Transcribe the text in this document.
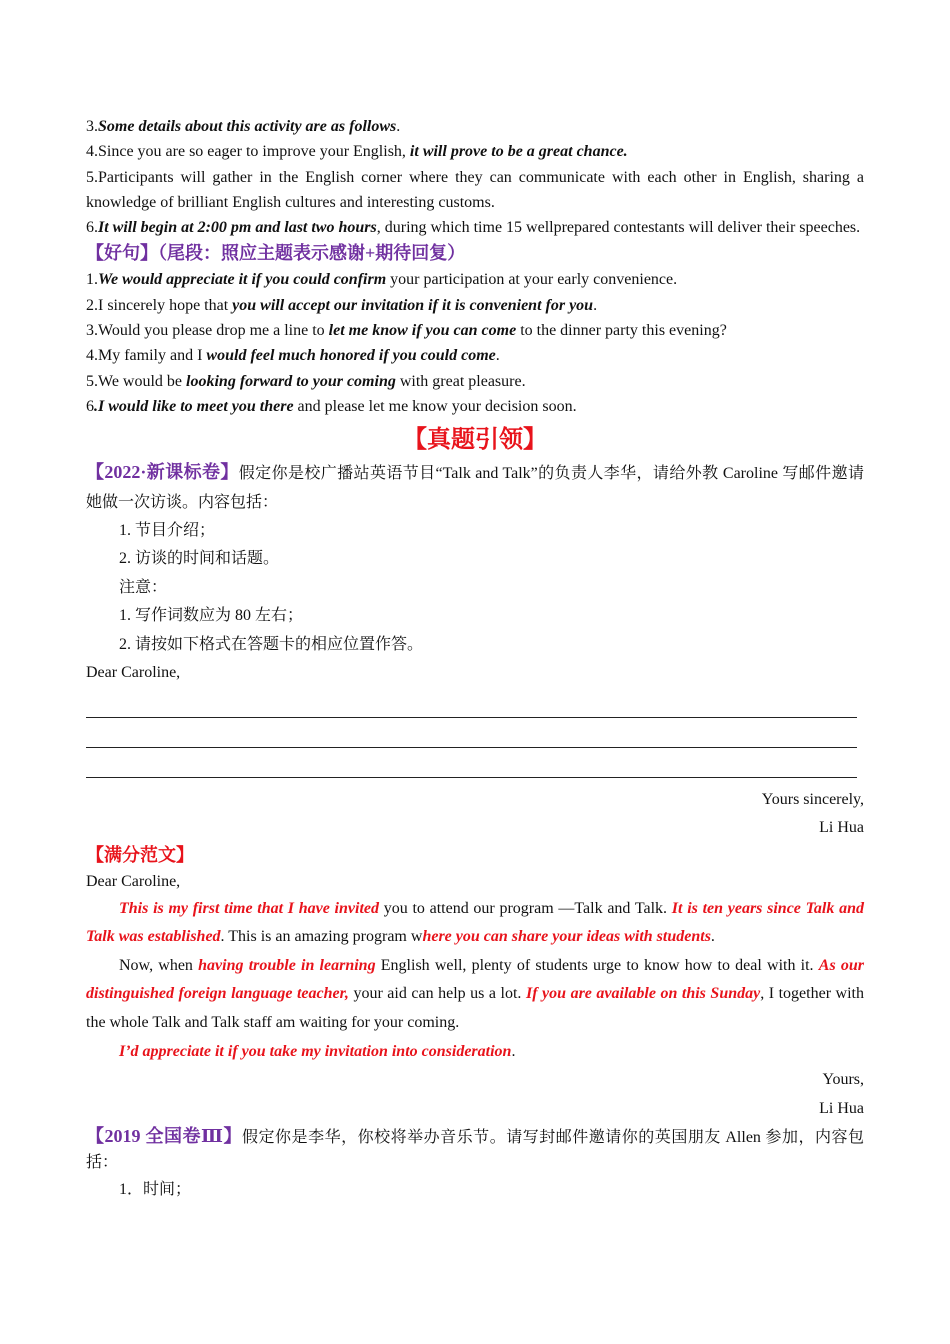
3.Some details about this activity are as follows.

4.Since you are so eager to improve your English, it will prove to be a great chance.

5.Participants will gather in the English corner where they can communicate with each other in English, sharing a knowledge of brilliant English cultures and interesting customs.

6.It will begin at 2:00 pm and last two hours, during which time 15 wellprepared contestants will deliver their speeches.

【好句】（尾段：照应主题表示感谢+期待回复）

1.We would appreciate it if you could confirm your participation at your early convenience.

2.I sincerely hope that you will accept our invitation if it is convenient for you.

3.Would you please drop me a line to let me know if you can come to the dinner party this evening?

4.My family and I would feel much honored if you could come.

5.We would be looking forward to your coming with great pleasure.

6.I would like to meet you there and please let me know your decision soon.

【真题引领】

【2022·新课标卷】假定你是校广播站英语节目“Talk and Talk”的负责人李华，请给外教 Caroline 写邮件邀请她做一次访谈。内容包括：

1. 节目介绍；

2. 访谈的时间和话题。

注意：

1. 写作词数应为 80 左右；

2. 请按如下格式在答题卡的相应位置作答。

Dear Caroline,

Yours sincerely,

Li Hua

【满分范文】

Dear Caroline,

This is my first time that I have invited you to attend our program —Talk and Talk. It is ten years since Talk and Talk was established. This is an amazing program where you can share your ideas with students.

Now, when having trouble in learning English well, plenty of students urge to know how to deal with it. As our distinguished foreign language teacher, your aid can help us a lot. If you are available on this Sunday, I together with the whole Talk and Talk staff am waiting for your coming.

I’d appreciate it if you take my invitation into consideration.

Yours,

Li Hua

【2019 全国卷Ⅲ】假定你是李华，你校将举办音乐节。请写封邮件邀请你的英国朋友 Allen 参加，内容包括：

1．时间；
